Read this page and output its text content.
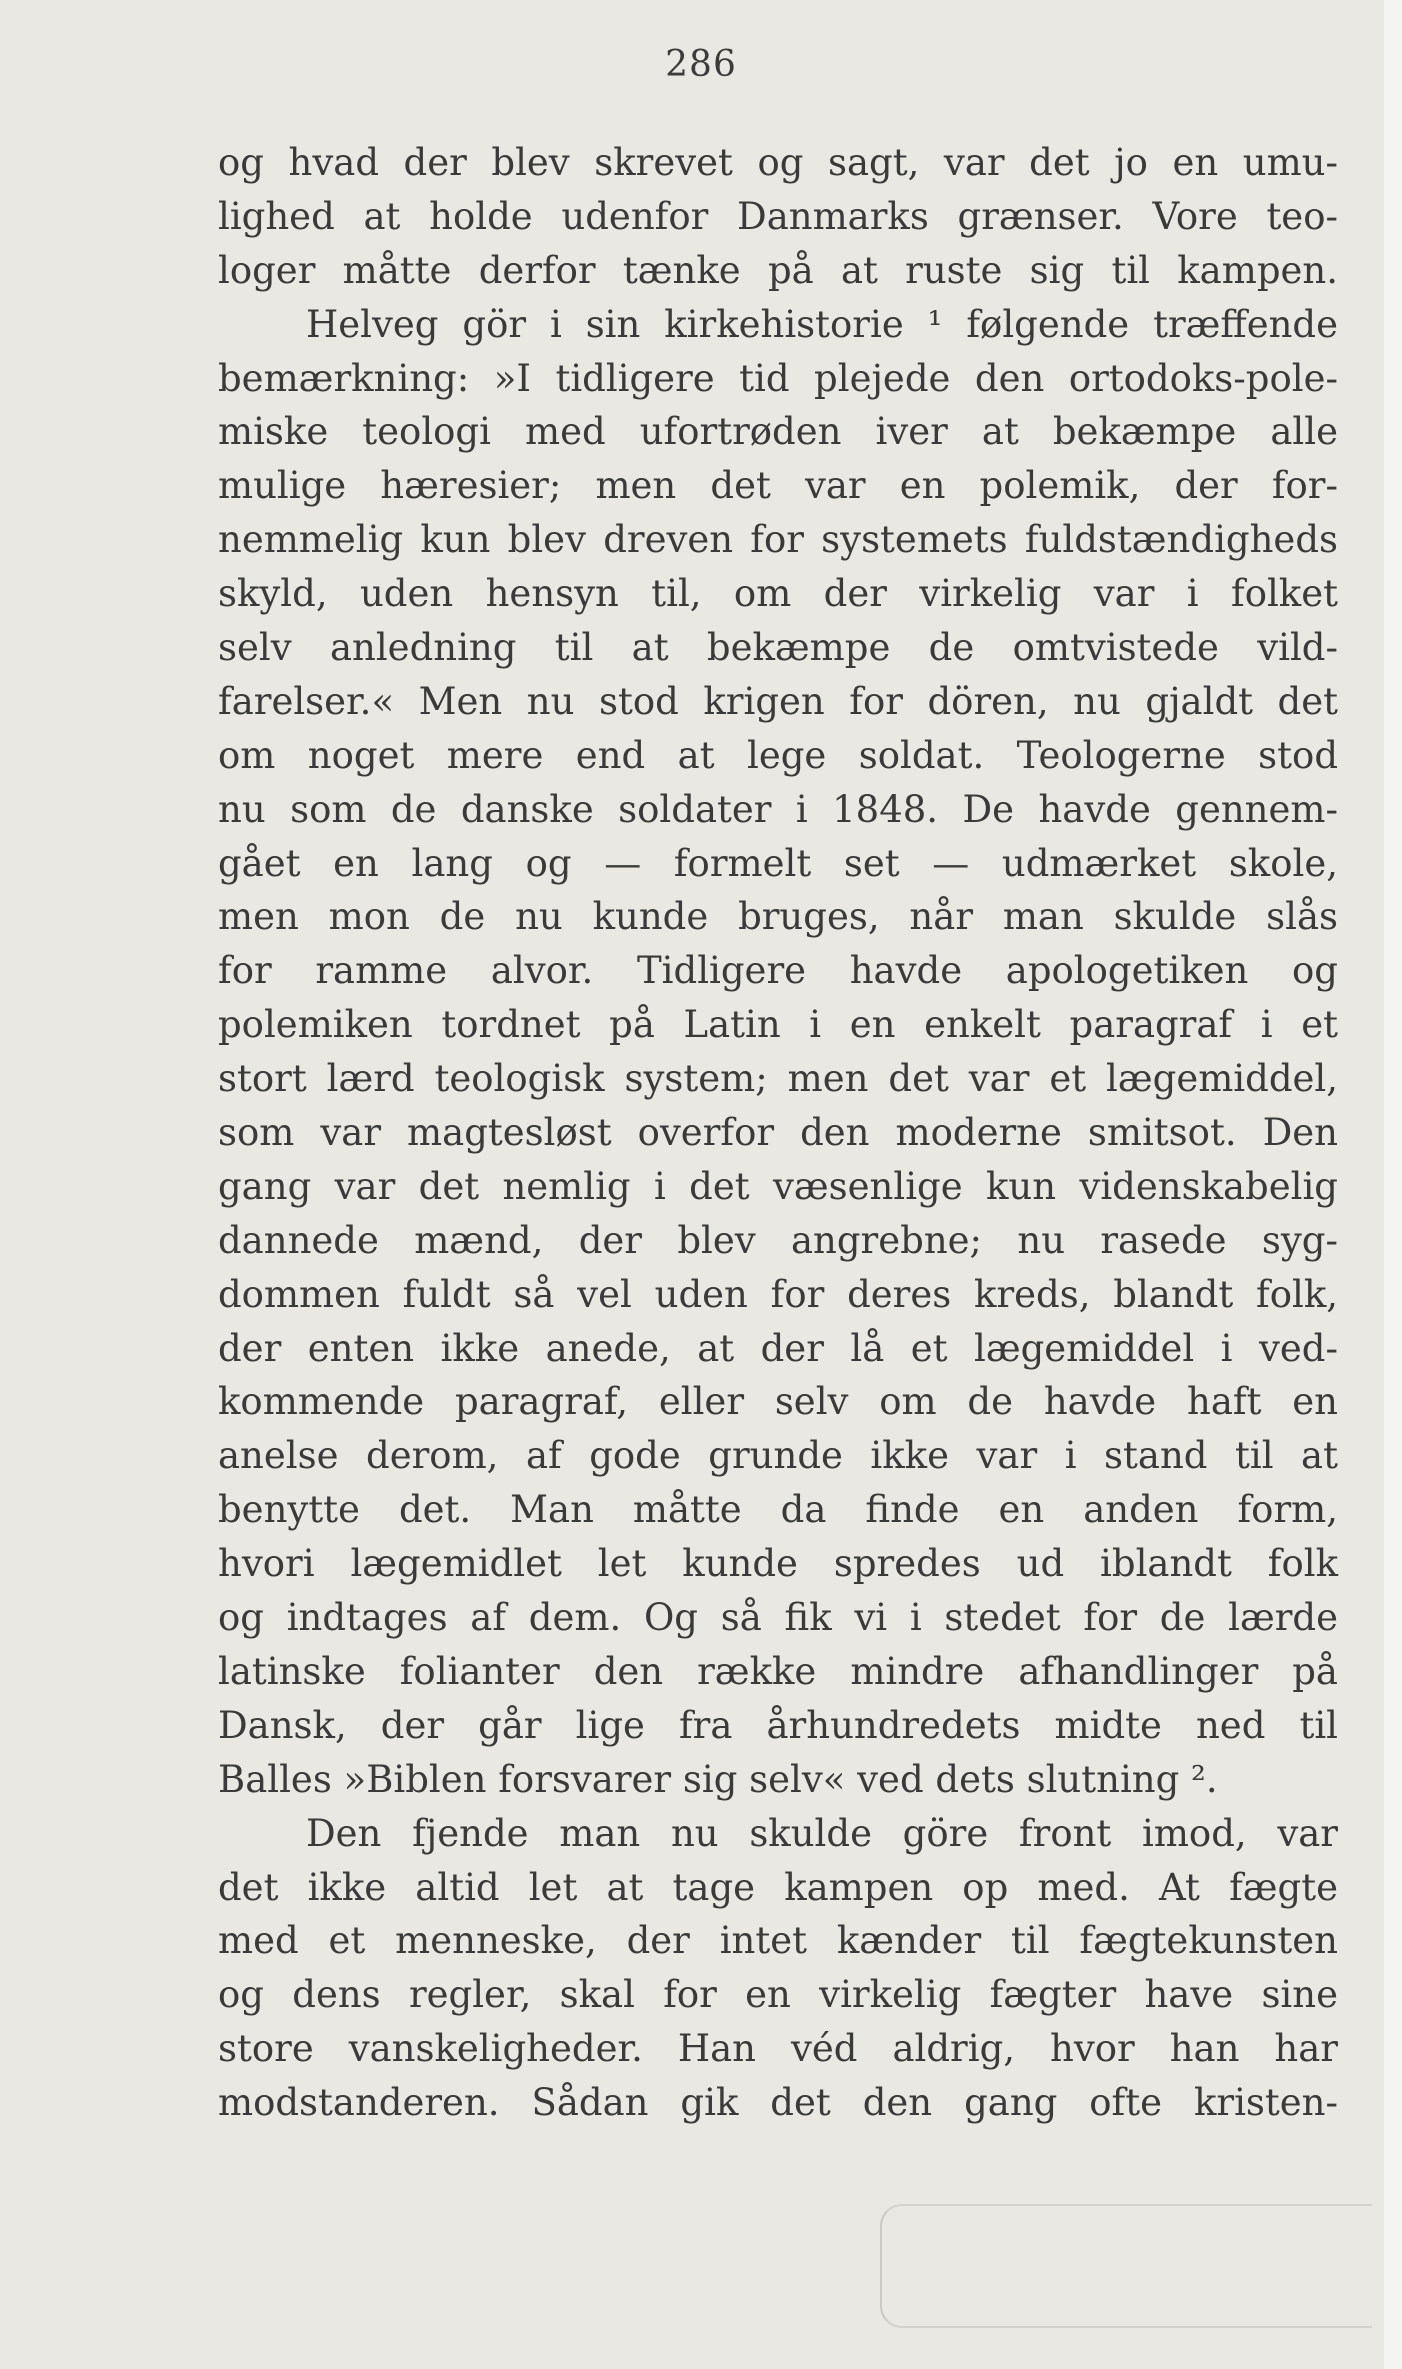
286
og hvad der blev skrevet og sagt, var det jo en umu-
lighed at holde udenfor Danmarks grænser. Vore teo-
loger måtte derfor tænke på at ruste sig til kampen.
Helveg gör i sin kirkehistorie ¹ følgende træffende
bemærkning: »I tidligere tid plejede den ortodoks-pole-
miske teologi med ufortrøden iver at bekæmpe alle
mulige hæresier; men det var en polemik, der for-
nemmelig kun blev dreven for systemets fuldstændigheds
skyld, uden hensyn til, om der virkelig var i folket
selv anledning til at bekæmpe de omtvistede vild-
farelser.« Men nu stod krigen for dören, nu gjaldt det
om noget mere end at lege soldat. Teologerne stod
nu som de danske soldater i 1848. De havde gennem-
gået en lang og — formelt set — udmærket skole,
men mon de nu kunde bruges, når man skulde slås
for ramme alvor. Tidligere havde apologetiken og
polemiken tordnet på Latin i en enkelt paragraf i et
stort lærd teologisk system; men det var et lægemiddel,
som var magtesløst overfor den moderne smitsot. Den
gang var det nemlig i det væsenlige kun videnskabelig
dannede mænd, der blev angrebne; nu rasede syg-
dommen fuldt så vel uden for deres kreds, blandt folk,
der enten ikke anede, at der lå et lægemiddel i ved-
kommende paragraf, eller selv om de havde haft en
anelse derom, af gode grunde ikke var i stand til at
benytte det. Man måtte da finde en anden form,
hvori lægemidlet let kunde spredes ud iblandt folk
og indtages af dem. Og så fik vi i stedet for de lærde
latinske folianter den række mindre afhandlinger på
Dansk, der går lige fra århundredets midte ned til
Balles »Biblen forsvarer sig selv« ved dets slutning ².
Den fjende man nu skulde göre front imod, var
det ikke altid let at tage kampen op med. At fægte
med et menneske, der intet kænder til fægtekunsten
og dens regler, skal for en virkelig fægter have sine
store vanskeligheder. Han véd aldrig, hvor han har
modstanderen. Sådan gik det den gang ofte kristen-
